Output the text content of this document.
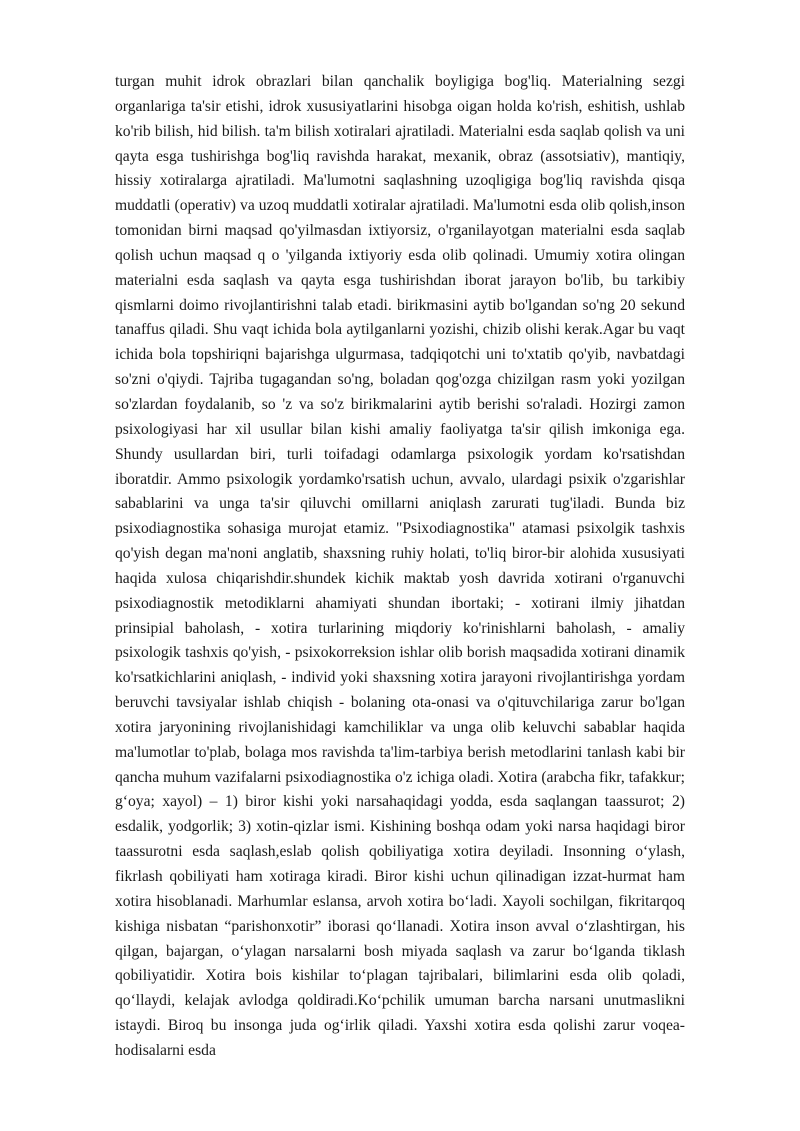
turgan muhit idrok obrazlari bilan qanchalik boyligiga bog'liq. Materialning sezgi organlariga ta'sir etishi, idrok xususiyatlarini hisobga oigan holda ko'rish, eshitish, ushlab ko'rib bilish, hid bilish. ta'm bilish xotiralari ajratiladi. Materialni esda saqlab qolish va uni qayta esga tushirishga bog'liq ravishda harakat, mexanik, obraz (assotsiativ), mantiqiy, hissiy xotiralarga ajratiladi. Ma'lumotni saqlashning uzoqligiga bog'liq ravishda qisqa muddatli (operativ) va uzoq muddatli xotiralar ajratiladi. Ma'lumotni esda olib qolish,inson tomonidan birni maqsad qo'yilmasdan ixtiyorsiz, o'rganilayotgan materialni esda saqlab qolish uchun maqsad q o 'yilganda ixtiyoriy esda olib qolinadi. Umumiy xotira olingan materialni esda saqlash va qayta esga tushirishdan iborat jarayon bo'lib, bu tarkibiy qismlarni doimo rivojlantirishni talab etadi. birikmasini aytib bo'lgandan so'ng 20 sekund tanaffus qiladi. Shu vaqt ichida bola aytilganlarni yozishi, chizib olishi kerak.Agar bu vaqt ichida bola topshiriqni bajarishga ulgurmasa, tadqiqotchi uni to'xtatib qo'yib, navbatdagi so'zni o'qiydi. Tajriba tugagandan so'ng, boladan qog'ozga chizilgan rasm yoki yozilgan so'zlardan foydalanib, so 'z va so'z birikmalarini aytib berishi so'raladi. Hozirgi zamon psixologiyasi har xil usullar bilan kishi amaliy faoliyatga ta'sir qilish imkoniga ega. Shundy usullardan biri, turli toifadagi odamlarga psixologik yordam ko'rsatishdan iboratdir. Ammo psixologik yordamko'rsatish uchun, avvalo, ulardagi psixik o'zgarishlar sabablarini va unga ta'sir qiluvchi omillarni aniqlash zarurati tug'iladi. Bunda biz psixodiagnostika sohasiga murojat etamiz. "Psixodiagnostika" atamasi psixolgik tashxis qo'yish degan ma'noni anglatib, shaxsning ruhiy holati, to'liq biror-bir alohida xususiyati haqida xulosa chiqarishdir.shundek kichik maktab yosh davrida xotirani o'rganuvchi psixodiagnostik metodiklarni ahamiyati shundan ibortaki; - xotirani ilmiy jihatdan prinsipial baholash, - xotira turlarining miqdoriy ko'rinishlarni baholash, - amaliy psixologik tashxis qo'yish, - psixokorreksion ishlar olib borish maqsadida xotirani dinamik ko'rsatkichlarini aniqlash, - individ yoki shaxsning xotira jarayoni rivojlantirishga yordam beruvchi tavsiyalar ishlab chiqish - bolaning ota-onasi va o'qituvchilariga zarur bo'lgan xotira jaryonining rivojlanishidagi kamchiliklar va unga olib keluvchi sabablar haqida ma'lumotlar to'plab, bolaga mos ravishda ta'lim-tarbiya berish metodlarini tanlash kabi bir qancha muhum vazifalarni psixodiagnostika o'z ichiga oladi. Xotira (arabcha fikr, tafakkur; g‘oya; xayol) – 1) biror kishi yoki narsahaqidagi yodda, esda saqlangan taassurot; 2) esdalik, yodgorlik; 3) xotin-qizlar ismi. Kishining boshqa odam yoki narsa haqidagi biror taassurotni esda saqlash,eslab qolish qobiliyatiga xotira deyiladi. Insonning o‘ylash, fikrlash qobiliyati ham xotiraga kiradi. Biror kishi uchun qilinadigan izzat-hurmat ham xotira hisoblanadi. Marhumlar eslansa, arvoh xotira bo‘ladi. Xayoli sochilgan, fikritarqoq kishiga nisbatan “parishonxotir” iborasi qo‘llanadi. Xotira inson avval o‘zlashtirgan, his qilgan, bajargan, o‘ylagan narsalarni bosh miyada saqlash va zarur bo‘lganda tiklash qobiliyatidir. Xotira bois kishilar to‘plagan tajribalari, bilimlarini esda olib qoladi, qo‘llaydi, kelajak avlodga qoldiradi.Ko‘pchilik umuman barcha narsani unutmaslikni istaydi. Biroq bu insonga juda og‘irlik qiladi. Yaxshi xotira esda qolishi zarur voqea-hodisalarni esda
